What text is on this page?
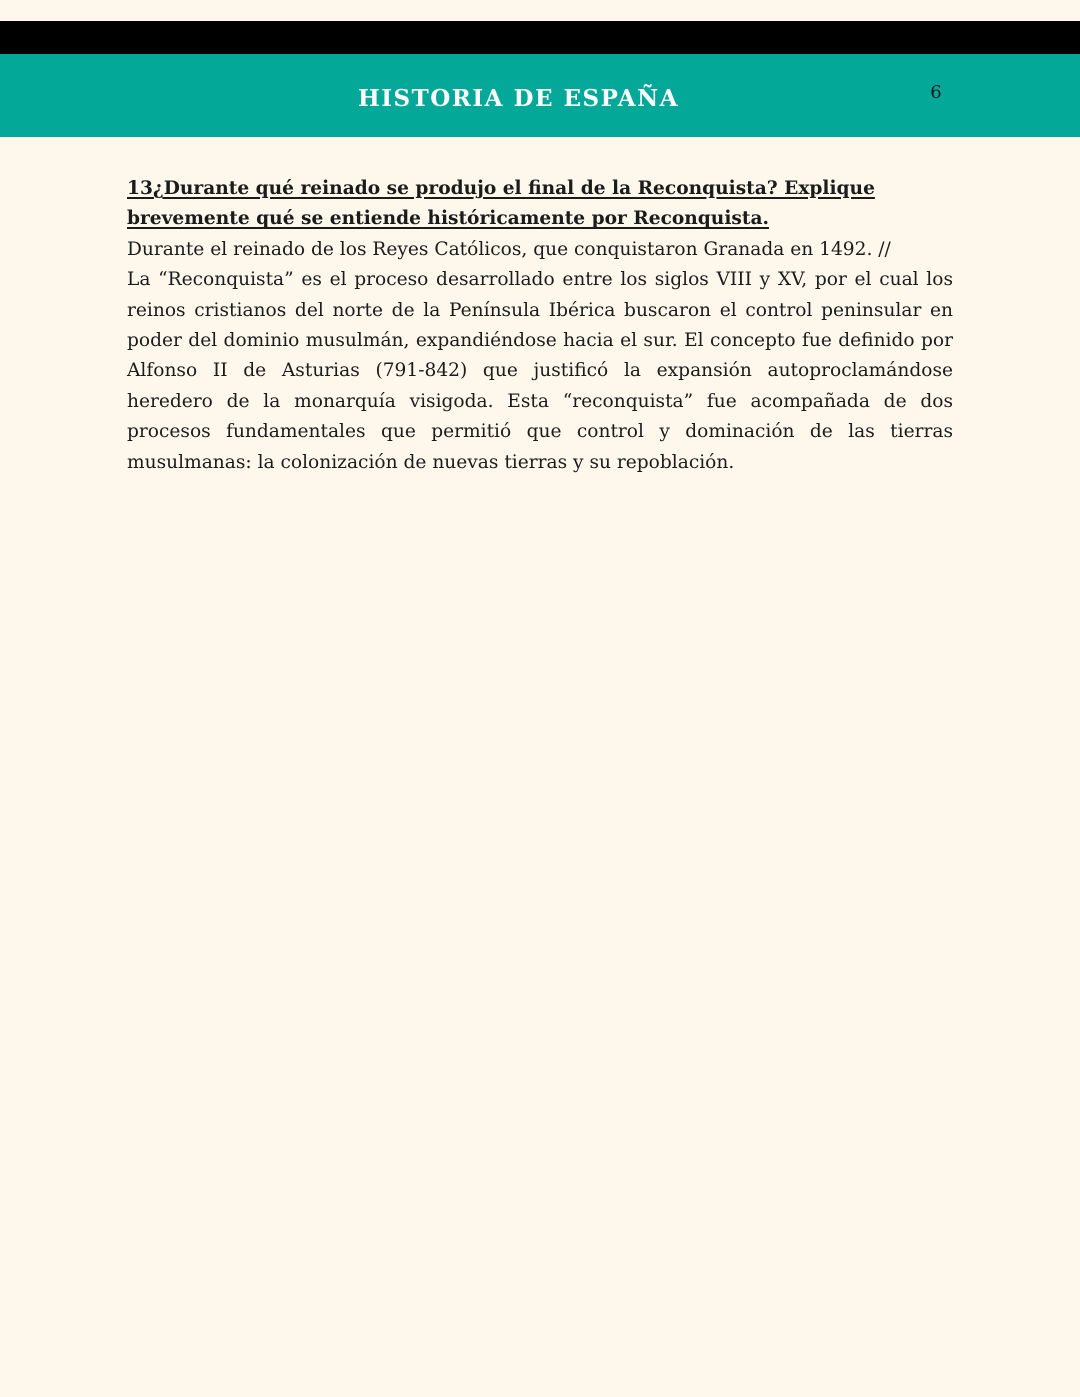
HISTORIA DE ESPAÑA	6

13¿Durante qué reinado se produjo el final de la Reconquista? Explique brevemente qué se entiende históricamente por Reconquista.

Durante el reinado de los Reyes Católicos, que conquistaron Granada en 1492. //

La “Reconquista” es el proceso desarrollado entre los siglos VIII y XV, por el cual los reinos cristianos del norte de la Península Ibérica buscaron el control peninsular en poder del dominio musulmán, expandiéndose hacia el sur. El concepto fue definido por Alfonso II de Asturias (791-842) que justificó la expansión autoproclamándose heredero de la monarquía visigoda. Esta “reconquista” fue acompañada de dos procesos fundamentales que permitió que control y dominación de las tierras musulmanas: la colonización de nuevas tierras y su repoblación.
